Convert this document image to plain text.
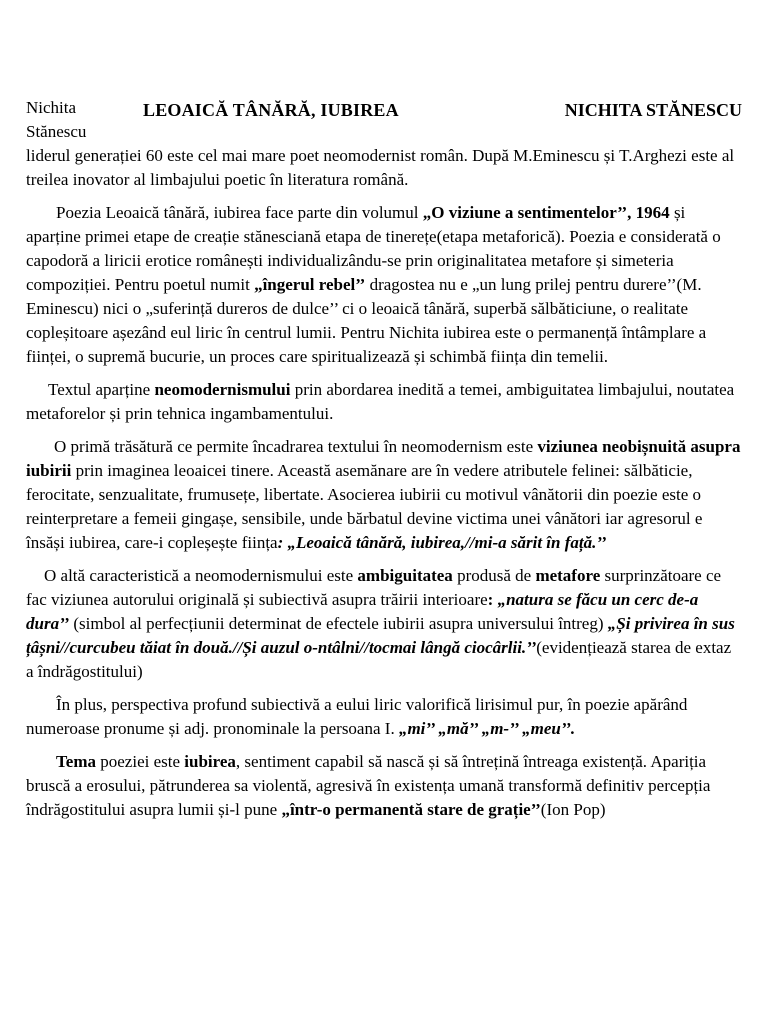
Nichita Stănescu
LEOAICĂ TÂNĂRĂ, IUBIREA	NICHITA STĂNESCU

liderul generației 60 este cel mai mare poet neomodernist român. După M.Eminescu și T.Arghezi este al treilea inovator al limbajului poetic în literatura română.

Poezia Leoaică tânără, iubirea face parte din volumul „O viziune a sentimentelor’’, 1964 și aparține primei etape de creație stănesciană etapa de tinerețe(etapa metaforică). Poezia e considerată o capodoră a liricii erotice românești individualizându-se prin originalitatea metafore și simeteria compoziției. Pentru poetul numit „îngerul rebel’’ dragostea nu e „un lung prilej pentru durere’’(M. Eminescu) nici o „suferință dureros de dulce’’ ci o leoaică tânără, superbă sălbăticiune, o realitate copleșitoare așezând eul liric în centrul lumii. Pentru Nichita iubirea este o permanență întâmplare a ființei, o supremă bucurie, un proces care spiritualizează și schimbă ființa din temelii.

Textul aparține neomodernismului prin abordarea inedită a temei, ambiguitatea limbajului, noutatea metaforelor și prin tehnica ingambamentului.

O primă trăsătură ce permite încadrarea textului în neomodernism este viziunea neobișnuită asupra iubirii prin imaginea leoaicei tinere. Această asemănare are în vedere atributele felinei: sălbăticie, ferocitate, senzualitate, frumusețe, libertate. Asocierea iubirii cu motivul vânătorii din poezie este o reinterpretare a femeii gingașe, sensibile, unde bărbatul devine victima unei vânători iar agresorul e însăși iubirea, care-i copleșește ființa: „Leoaică tânără, iubirea,//mi-a sărit în față.’’

O altă caracteristică a neomodernismului este ambiguitatea produsă de metafore surprinzătoare ce fac viziunea autorului originală și subiectivă asupra trăirii interioare: „natura se făcu un cerc de-a dura’’ (simbol al perfecțiunii determinat de efectele iubirii asupra universului întreg) „Și privirea în sus țâșni//curcubeu tăiat în două.//Și auzul o-ntâlni//tocmai lângă ciocârlii.’’(evidențiează starea de extaz a îndrăgostitului)

În plus, perspectiva profund subiectivă a eului liric valorifică lirisimul pur, în poezie apărând numeroase pronume și adj. pronominale la persoana I. „mi’’ „mă’’ „m-’’ „meu’’.

Tema poeziei este iubirea, sentiment capabil să nască și să întrețină întreaga existență. Apariția bruscă a erosului, pătrunderea sa violentă, agresivă în existența umană transformă definitiv percepția îndrăgostitului asupra lumii și-l pune „într-o permanentă stare de grație’’(Ion Pop)
